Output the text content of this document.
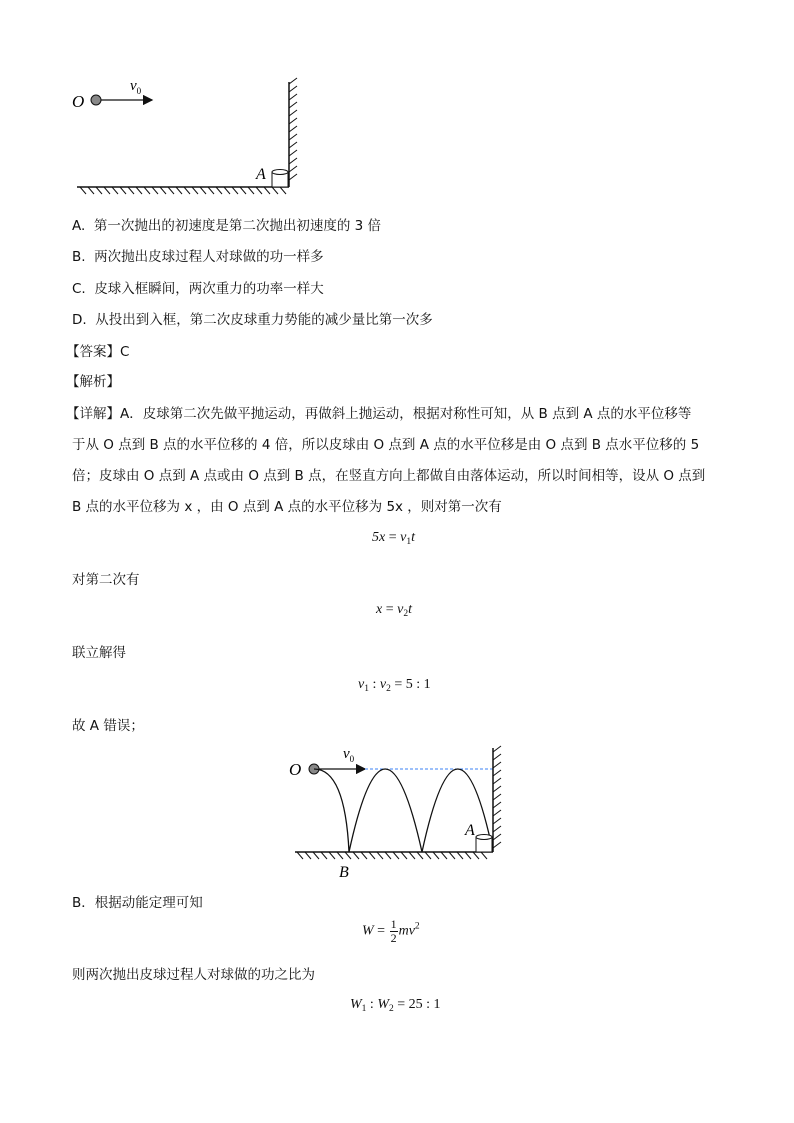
O
$v_0$
A
A. 第一次抛出的初速度是第二次抛出初速度的 3 倍
B. 两次抛出皮球过程人对球做的功一样多
C. 皮球入框瞬间，两次重力的功率一样大
D. 从投出到入框，第二次皮球重力势能的减少量比第一次多
【答案】C
【解析】
【详解】A．皮球第二次先做平抛运动，再做斜上抛运动，根据对称性可知，从 B 点到 A 点的水平位移等
于从 O 点到 B 点的水平位移的 4 倍，所以皮球由 O 点到 A 点的水平位移是由 O 点到 B 点水平位移的 5
倍；皮球由 O 点到 A 点或由 O 点到 B 点，在竖直方向上都做自由落体运动，所以时间相等，设从 O 点到
B 点的水平位移为 x ，由 O 点到 A 点的水平位移为 5x ，则对第一次有
$5x = v_1t$
对第二次有
$x = v_2t$
联立解得
$v_1$ : $v_2 = 5$ : 1
故 A 错误；
O
$v_0$
A
B
B．根据动能定理可知
$W = \frac{1}{2} mv^2$
则两次抛出皮球过程人对球做的功之比为
$W_1$ : $W_2 = 25$ : 1
